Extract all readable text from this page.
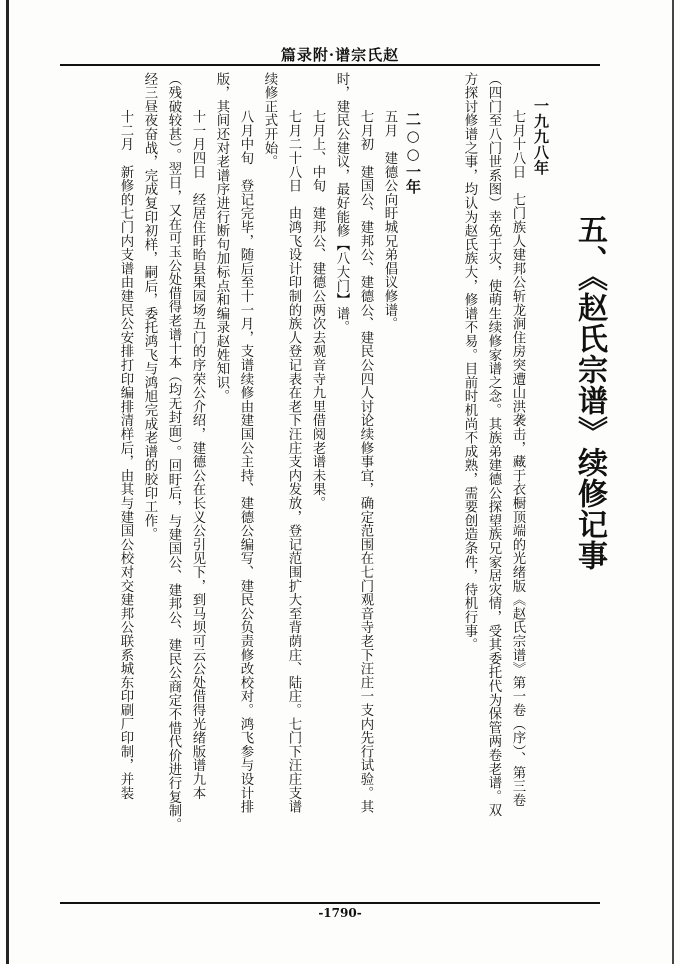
篇录附·谱宗氏赵
五、《赵氏宗谱》续修记事
一九九八年
　七月十八日　七门族人建邦公斩龙涧住房突遭山洪袭击，藏于衣橱顶端的光绪版《赵氏宗谱》第一卷（序）、第三卷
（四门至八门世系图）幸免于灾，使萌生续修家谱之念。其族弟建德公探望族兄家居灾情，受其委托代为保管两卷老谱。双
方探讨修谱之事，均认为赵氏族大，修谱不易。目前时机尚不成熟，需要创造条件，待机行事。
　二○○一年
　五月　建德公向盱城兄弟倡议修谱。
　七月初　建国公、建邦公、建德公、建民公四人讨论续修事宜，确定范围在七门观音寺老下汪庄一支内先行试验。其
时，建民公建议，最好能修【八大门】谱。
　七月上、中旬　建邦公、建德公两次去观音寺九里借阅老谱未果。
　七月二十八日　由鸿飞设计印制的族人登记表在老下汪庄支内发放，登记范围扩大至背荫庄、陆庄。七门下汪庄支谱
续修正式开始。
　八月中旬　登记完毕，随后至十一月，支谱续修由建国公主持、建德公编写、建民公负责修改校对。鸿飞参与设计排
版，其间还对老谱序进行断句加标点和编录赵姓知识。
　十一月四日　经居住盱眙县果园场五门的序荣公介绍，建德公在长义公引见下，到马坝可云公处借得光绪版谱九本
（残破较甚）。翌日，又在可玉公处借得老谱十本（均无封面）。回盱后，与建国公、建邦公、建民公商定不惜代价进行复制。
经三昼夜奋战，完成复印初样，嗣后，委托鸿飞与鸿旭完成老谱的胶印工作。
　十二月　新修的七门内支谱由建民公安排打印编排清样后，由其与建国公校对交建邦公联系城东印刷厂印制，并装
-1790-
